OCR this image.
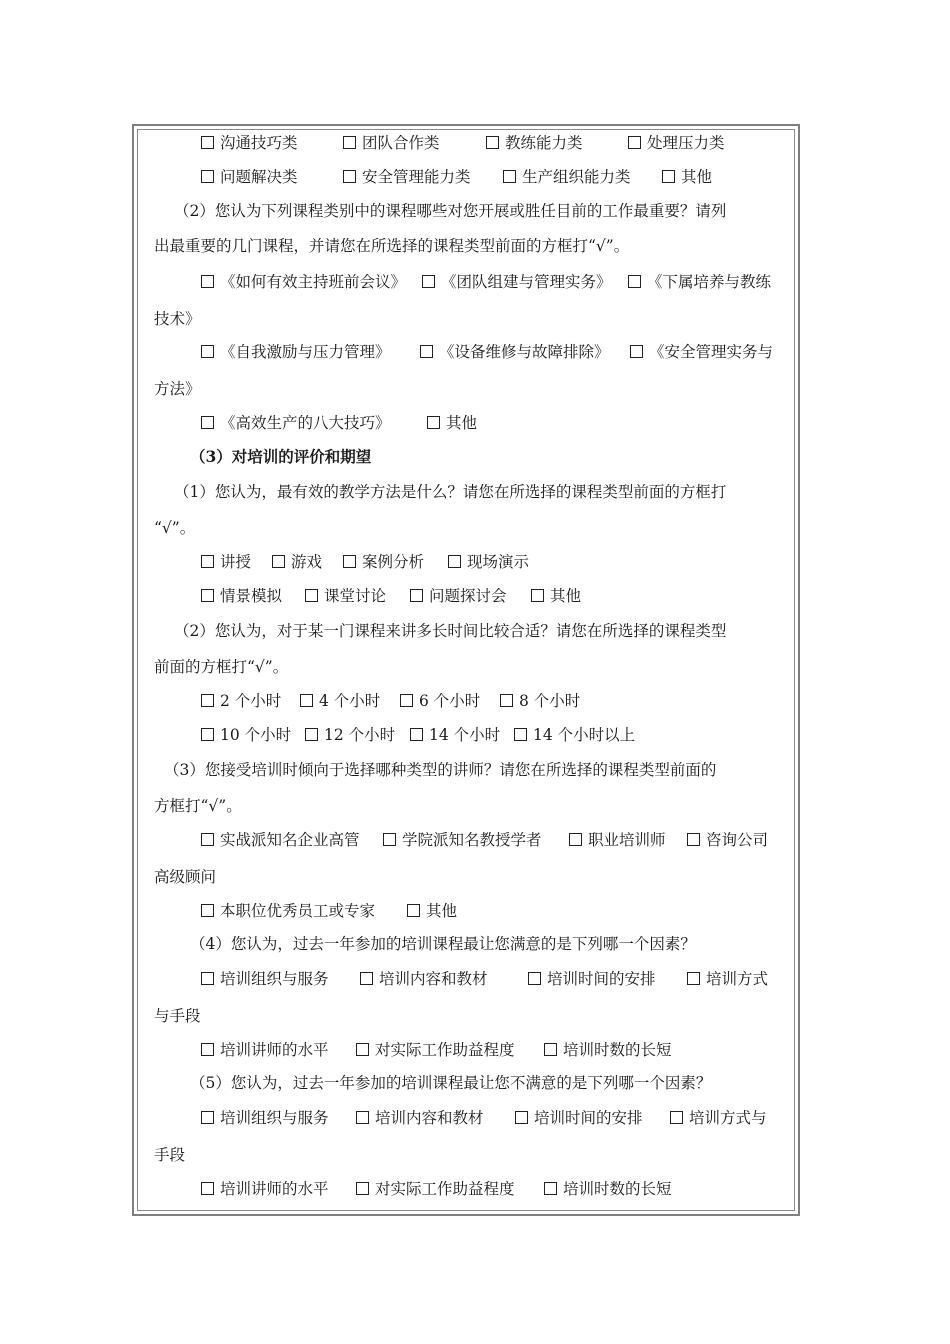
沟通技巧类	团队合作类	教练能力类	处理压力类
问题解决类	安全管理能力类	生产组织能力类	其他
（2）您认为下列课程类别中的课程哪些对您开展或胜任目前的工作最重要？请列
出最重要的几门课程，并请您在所选择的课程类型前面的方框打“√”。
《如何有效主持班前会议》	《团队组建与管理实务》	《下属培养与教练
技术》
《自我激励与压力管理》	《设备维修与故障排除》	《安全管理实务与
方法》
《高效生产的八大技巧》	其他
（3）对培训的评价和期望
（1）您认为，最有效的教学方法是什么？请您在所选择的课程类型前面的方框打
“√”。
讲授	游戏	案例分析	现场演示
情景模拟	课堂讨论	问题探讨会	其他
（2）您认为，对于某一门课程来讲多长时间比较合适？请您在所选择的课程类型
前面的方框打“√”。
2 个小时	4 个小时	6 个小时	8 个小时
10 个小时	12 个小时	14 个小时	14 个小时以上
（3）您接受培训时倾向于选择哪种类型的讲师？请您在所选择的课程类型前面的
方框打“√”。
实战派知名企业高管	学院派知名教授学者	职业培训师	咨询公司
高级顾问
本职位优秀员工或专家	其他
（4）您认为，过去一年参加的培训课程最让您满意的是下列哪一个因素？
培训组织与服务	培训内容和教材	培训时间的安排	培训方式
与手段
培训讲师的水平	对实际工作助益程度	培训时数的长短
（5）您认为，过去一年参加的培训课程最让您不满意的是下列哪一个因素？
培训组织与服务	培训内容和教材	培训时间的安排	培训方式与
手段
培训讲师的水平	对实际工作助益程度	培训时数的长短
